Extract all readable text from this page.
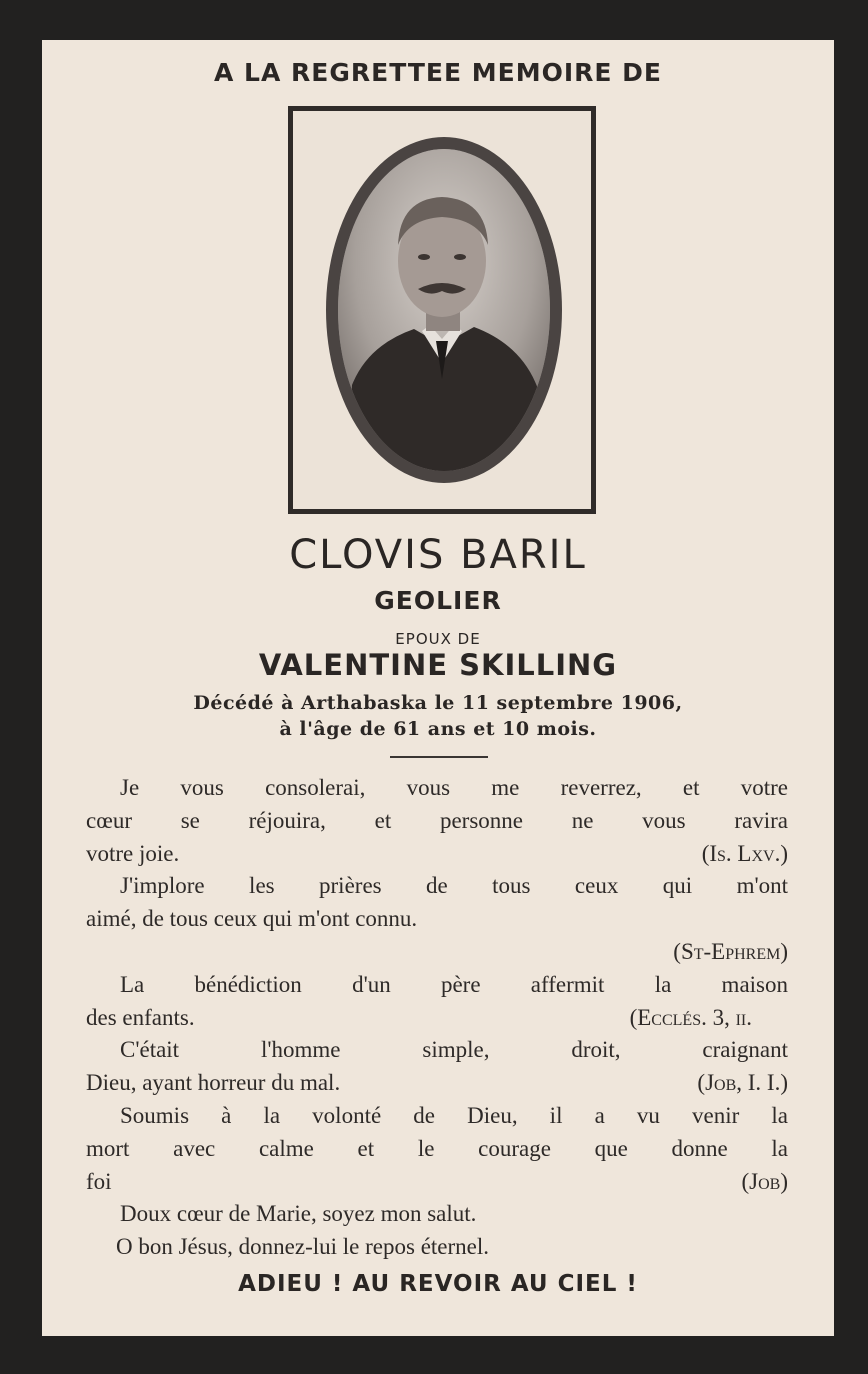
A LA REGRETTEE MEMOIRE DE
CLOVIS BARIL
GEOLIER
EPOUX DE
VALENTINE SKILLING
Décédé à Arthabaska le 11 septembre 1906,
à l'âge de 61 ans et 10 mois.
Je vous consolerai, vous me reverrez, et votre
cœur se réjouira, et personne ne vous ravira
votre joie.	(Is. Lxv.)
J'implore les prières de tous ceux qui m'ont
aimé, de tous ceux qui m'ont connu.
(St-Ephrem)
La bénédiction d'un père affermit la maison
des enfants.	(Ecclés. 3, ii.
C'était l'homme simple, droit, craignant
Dieu, ayant horreur du mal.	(Job, I. I.)
Soumis à la volonté de Dieu, il a vu venir la
mort avec calme et le courage que donne la
foi	(Job)
Doux cœur de Marie, soyez mon salut.
O bon Jésus, donnez-lui le repos éternel.
ADIEU ! AU REVOIR AU CIEL !
